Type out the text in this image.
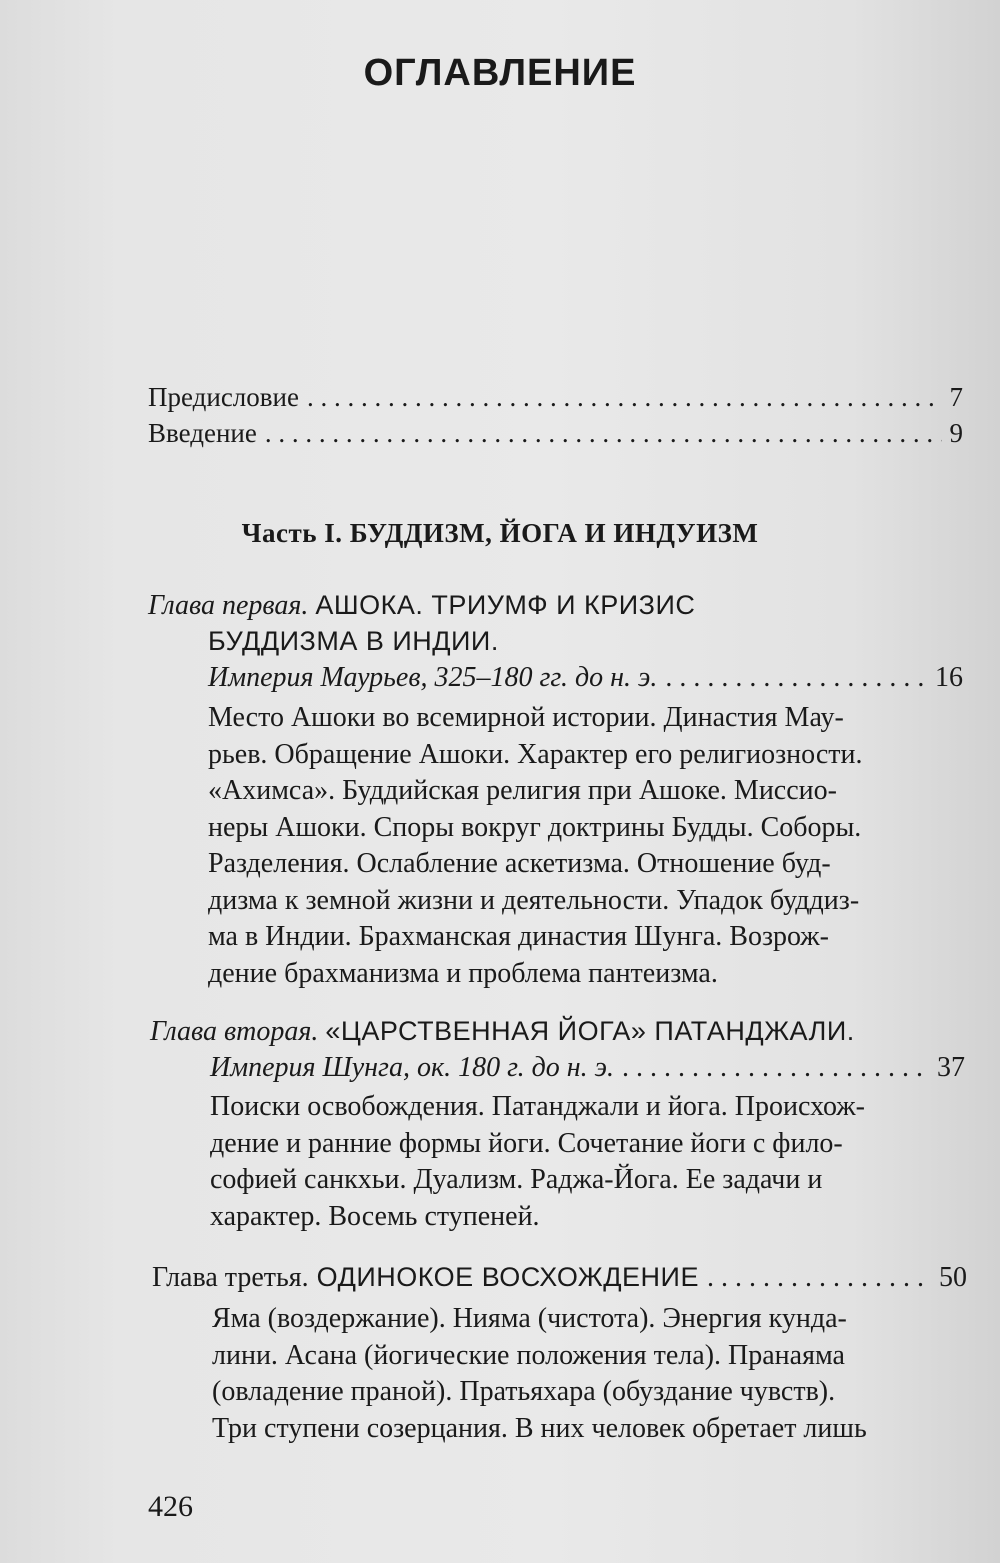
ОГЛАВЛЕНИЕ
Предисловие . . .	7
Введение . . .	9
Часть I. БУДДИЗМ, ЙОГА И ИНДУИЗМ
Глава первая. АШОКА. ТРИУМФ И КРИЗИС
БУДДИЗМА В ИНДИИ.
Империя Маурьев, 325–180 гг. до н. э. . . .	16
Место Ашоки во всемирной истории. Династия Мау-
рьев. Обращение Ашоки. Характер его религиозности.
«Ахимса». Буддийская религия при Ашоке. Миссио-
неры Ашоки. Споры вокруг доктрины Будды. Соборы.
Разделения. Ослабление аскетизма. Отношение буд-
дизма к земной жизни и деятельности. Упадок буддиз-
ма в Индии. Брахманская династия Шунга. Возрож-
дение брахманизма и проблема пантеизма.
Глава вторая. «ЦАРСТВЕННАЯ ЙОГА» ПАТАНДЖАЛИ.
Империя Шунга, ок. 180 г. до н. э. . . .	37
Поиски освобождения. Патанджали и йога. Происхож-
дение и ранние формы йоги. Сочетание йоги с фило-
софией санкхьи. Дуализм. Раджа-Йога. Ее задачи и
характер. Восемь ступеней.
Глава третья. ОДИНОКОЕ ВОСХОЖДЕНИЕ . . .	50
Яма (воздержание). Нияма (чистота). Энергия кунда-
лини. Асана (йогические положения тела). Пранаяма
(овладение праной). Пратьяхара (обуздание чувств).
Три ступени созерцания. В них человек обретает лишь
426
